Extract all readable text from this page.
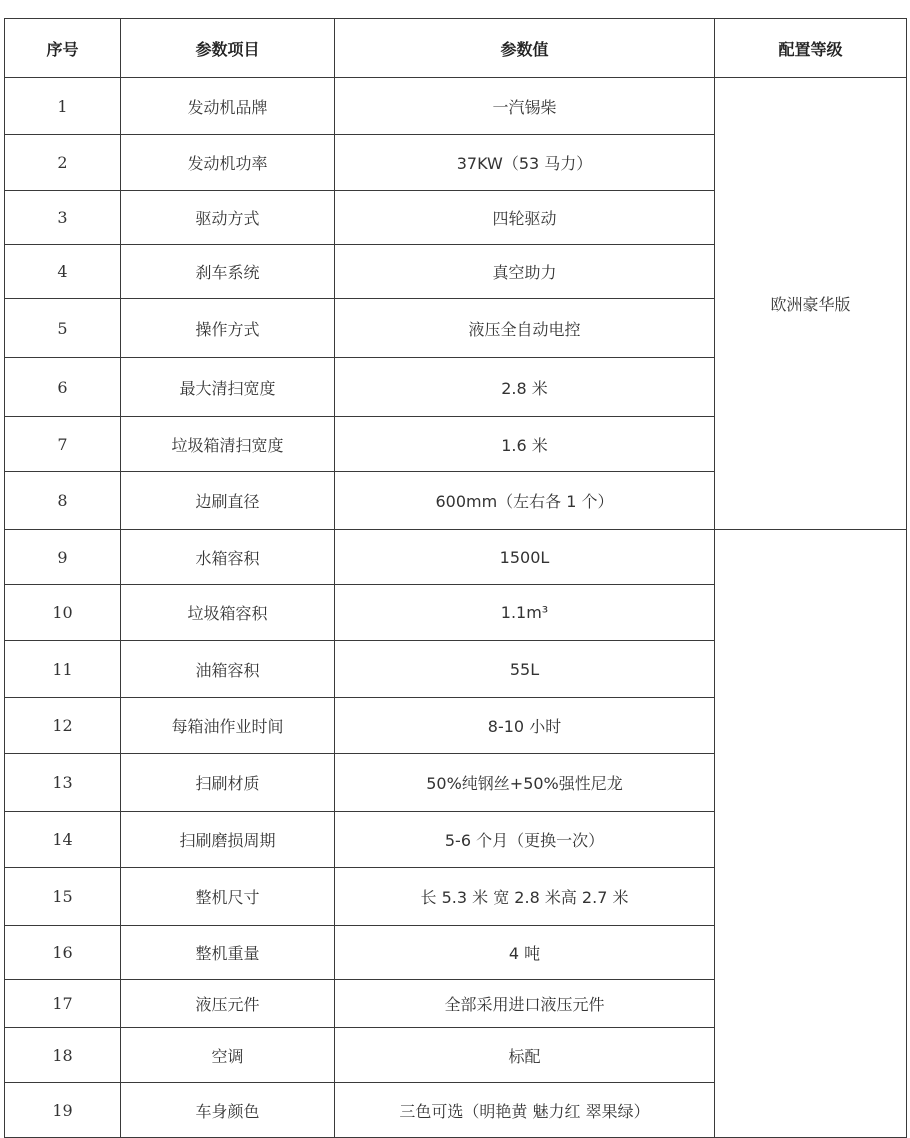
序号	参数项目	参数值	配置等级
1	发动机品牌	一汽锡柴	欧洲豪华版
2	发动机功率	37KW（53 马力）	
3	驱动方式	四轮驱动	
4	刹车系统	真空助力	
5	操作方式	液压全自动电控	
6	最大清扫宽度	2.8 米	
7	垃圾箱清扫宽度	1.6 米	
8	边刷直径	600mm（左右各 1 个）	
9	水箱容积	1500L	
10	垃圾箱容积	1.1m³	
11	油箱容积	55L	
12	每箱油作业时间	8-10 小时	
13	扫刷材质	50%纯钢丝+50%强性尼龙	
14	扫刷磨损周期	5-6 个月（更换一次）	
15	整机尺寸	长 5.3 米 宽 2.8 米高 2.7 米	
16	整机重量	4 吨	
17	液压元件	全部采用进口液压元件	
18	空调	标配	
19	车身颜色	三色可选（明艳黄 魅力红 翠果绿）	
